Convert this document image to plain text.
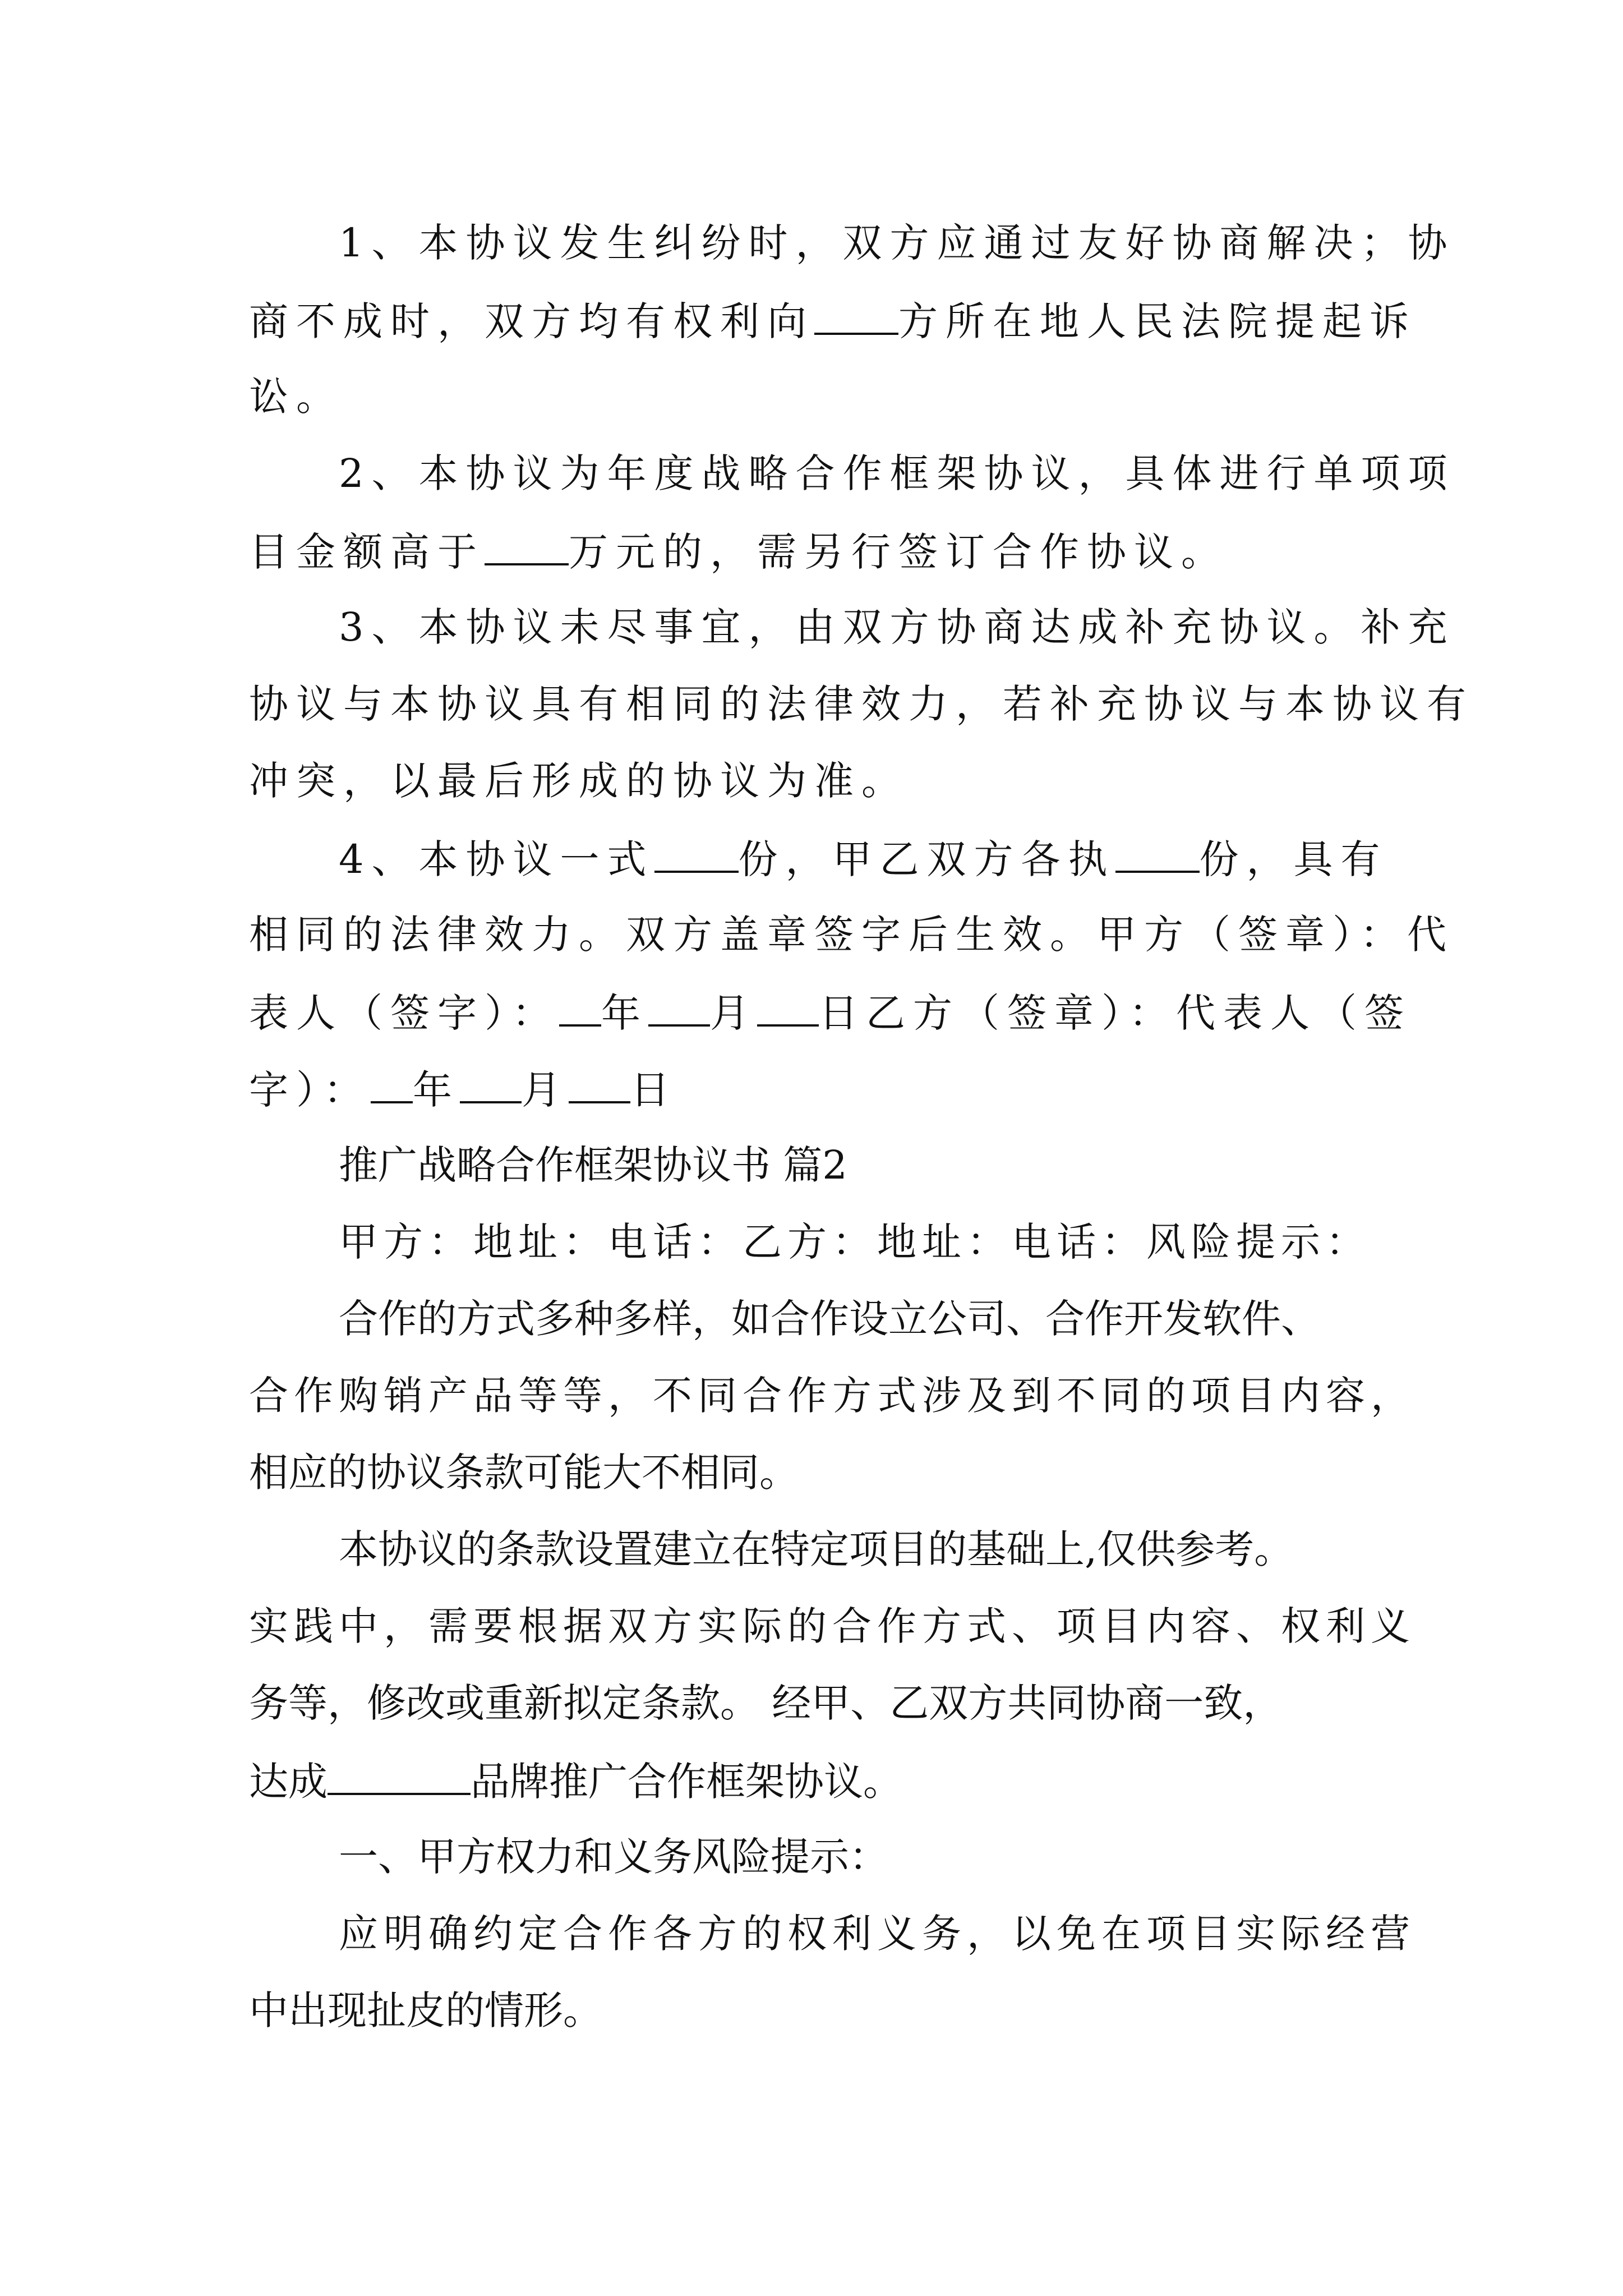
1、本协议发生纠纷时，双方应通过友好协商解决；协
商不成时，双方均有权利向 方所在地人民法院提起诉
讼。
2、本协议为年度战略合作框架协议，具体进行单项项
目金额高于 万元的，需另行签订合作协议。
3、本协议未尽事宜，由双方协商达成补充协议。补充
协议与本协议具有相同的法律效力，若补充协议与本协议有
冲突，以最后形成的协议为准。
4、本协议一式 份，甲乙双方各执 份，具有
相同的法律效力。双方盖章签字后生效。甲方（签章）：代
表人（签字）： 年 月 日乙方（签章）：代表人（签
字）： 年 月 日
推广战略合作框架协议书 篇2
甲方：地址：电话：乙方：地址：电话：风险提示：
合作的方式多种多样，如合作设立公司、合作开发软件、
合作购销产品等等，不同合作方式涉及到不同的项目内容，
相应的协议条款可能大不相同。
本协议的条款设置建立在特定项目的基础上,仅供参考。
实践中，需要根据双方实际的合作方式、项目内容、权利义
务等，修改或重新拟定条款。 经甲、乙双方共同协商一致，
达成	品牌推广合作框架协议。
一、甲方权力和义务风险提示：
应明确约定合作各方的权利义务，以免在项目实际经营
中出现扯皮的情形。
